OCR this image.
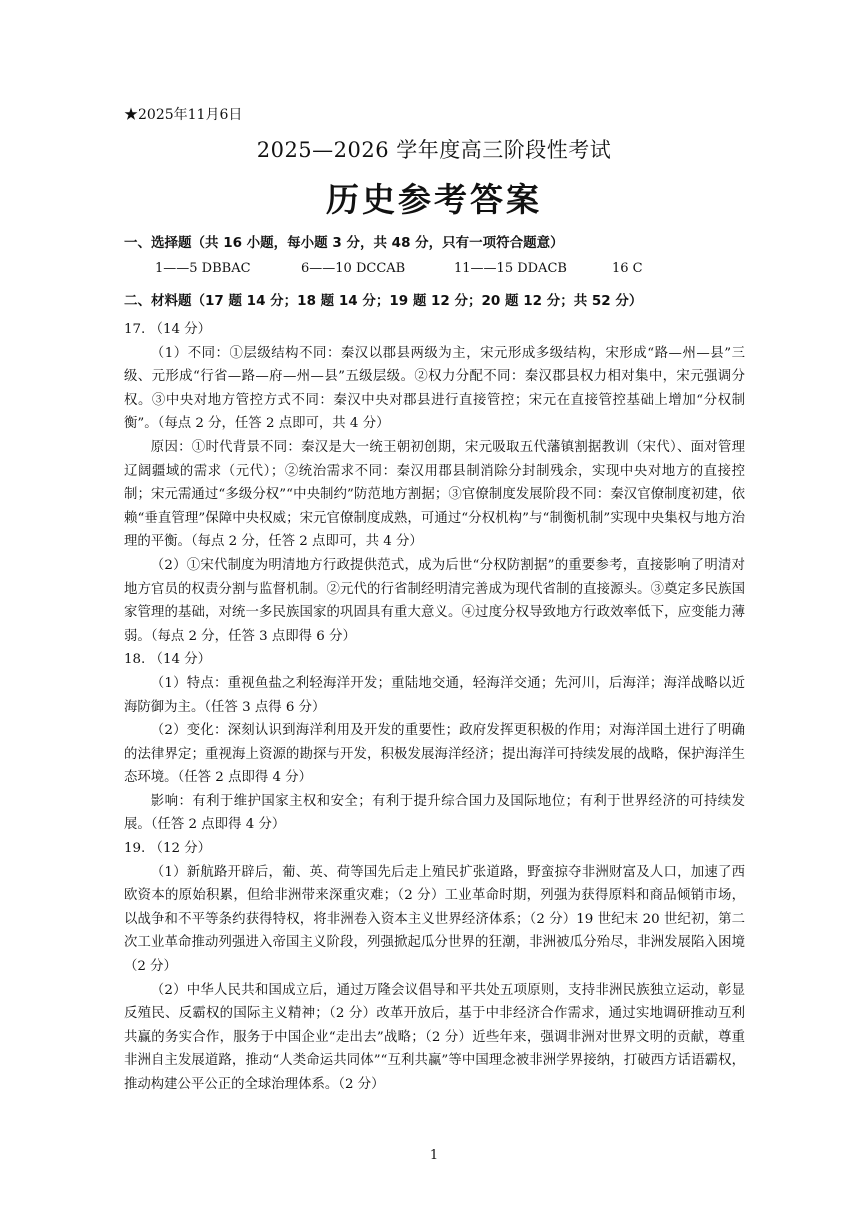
★2025年11月6日
2025—2026 学年度高三阶段性考试
历史参考答案
一、选择题（共 16 小题，每小题 3 分，共 48 分，只有一项符合题意）
1——5 DBBAC	6——10 DCCAB	11——15 DDACB	16 C
二、材料题（17 题 14 分；18 题 14 分；19 题 12 分；20 题 12 分；共 52 分）

17. （14 分）

（1）不同：①层级结构不同：秦汉以郡县两级为主，宋元形成多级结构，宋形成“路—州—县”三级、元形成“行省—路—府—州—县”五级层级。②权力分配不同：秦汉郡县权力相对集中，宋元强调分权。③中央对地方管控方式不同：秦汉中央对郡县进行直接管控；宋元在直接管控基础上增加“分权制衡”。（每点 2 分，任答 2 点即可，共 4 分）

原因：①时代背景不同：秦汉是大一统王朝初创期，宋元吸取五代藩镇割据教训（宋代）、面对管理辽阔疆域的需求（元代）；②统治需求不同：秦汉用郡县制消除分封制残余，实现中央对地方的直接控制；宋元需通过“多级分权”“中央制约”防范地方割据；③官僚制度发展阶段不同：秦汉官僚制度初建，依赖“垂直管理”保障中央权威；宋元官僚制度成熟，可通过“分权机构”与“制衡机制”实现中央集权与地方治理的平衡。（每点 2 分，任答 2 点即可，共 4 分）

（2）①宋代制度为明清地方行政提供范式，成为后世“分权防割据”的重要参考，直接影响了明清对地方官员的权责分割与监督机制。②元代的行省制经明清完善成为现代省制的直接源头。③奠定多民族国家管理的基础，对统一多民族国家的巩固具有重大意义。④过度分权导致地方行政效率低下，应变能力薄弱。（每点 2 分，任答 3 点即得 6 分）

18. （14 分）

（1）特点：重视鱼盐之利轻海洋开发；重陆地交通，轻海洋交通；先河川，后海洋；海洋战略以近海防御为主。（任答 3 点得 6 分）

（2）变化：深刻认识到海洋利用及开发的重要性；政府发挥更积极的作用；对海洋国土进行了明确的法律界定；重视海上资源的勘探与开发，积极发展海洋经济；提出海洋可持续发展的战略，保护海洋生态环境。（任答 2 点即得 4 分）

影响：有利于维护国家主权和安全；有利于提升综合国力及国际地位；有利于世界经济的可持续发展。（任答 2 点即得 4 分）

19. （12 分）

（1）新航路开辟后，葡、英、荷等国先后走上殖民扩张道路，野蛮掠夺非洲财富及人口，加速了西欧资本的原始积累，但给非洲带来深重灾难；（2 分）工业革命时期，列强为获得原料和商品倾销市场，以战争和不平等条约获得特权，将非洲卷入资本主义世界经济体系；（2 分）19 世纪末 20 世纪初，第二次工业革命推动列强进入帝国主义阶段，列强掀起瓜分世界的狂潮，非洲被瓜分殆尽，非洲发展陷入困境（2 分）

（2）中华人民共和国成立后，通过万隆会议倡导和平共处五项原则，支持非洲民族独立运动，彰显反殖民、反霸权的国际主义精神；（2 分）改革开放后，基于中非经济合作需求，通过实地调研推动互利共赢的务实合作，服务于中国企业“走出去”战略；（2 分）近些年来，强调非洲对世界文明的贡献，尊重非洲自主发展道路，推动“人类命运共同体”“互利共赢”等中国理念被非洲学界接纳，打破西方话语霸权，推动构建公平公正的全球治理体系。（2 分）

1
